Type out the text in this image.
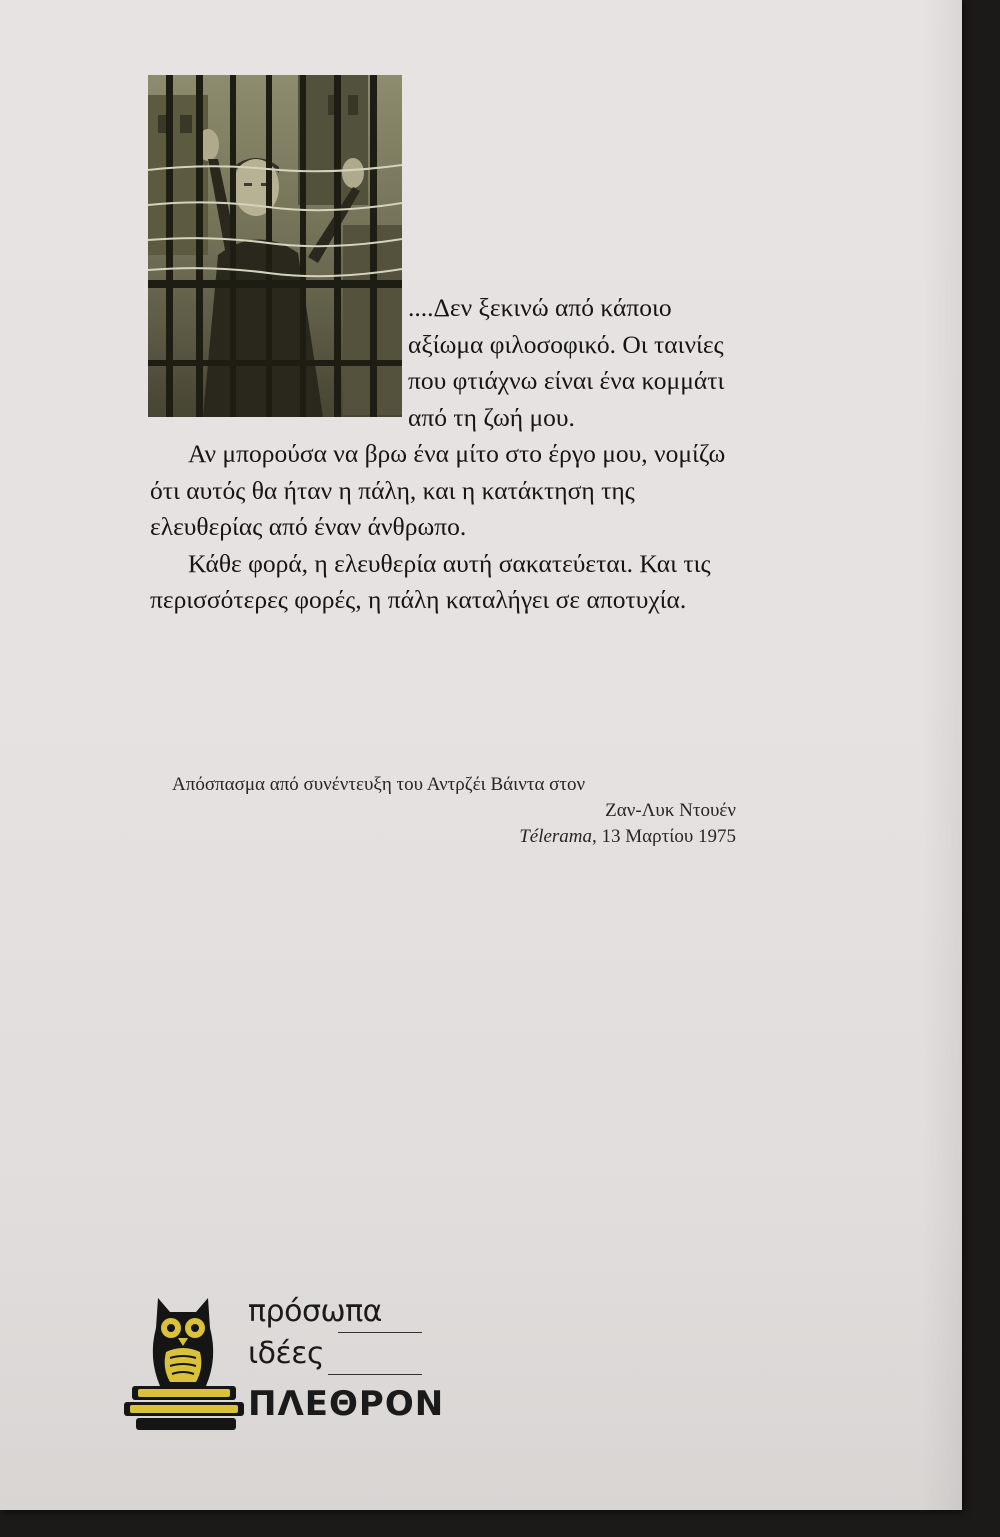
....Δεν ξεκινώ από κάποιο αξίωμα φιλοσοφικό. Οι ταινίες που φτιάχνω είναι ένα κομμάτι από τη ζωή μου.

Αν μπορούσα να βρω ένα μίτο στο έργο μου, νομίζω ότι αυτός θα ήταν η πάλη, και η κατάκτηση της ελευθερίας από έναν άνθρωπο.

Κάθε φορά, η ελευθερία αυτή σακατεύεται. Και τις περισσότερες φορές, η πάλη καταλήγει σε αποτυχία.

Απόσπασμα από συνέντευξη του Αντρζέι Βάιντα στον
Ζαν-Λυκ Ντουέν
Télerama, 13 Μαρτίου 1975
πρόσωπα
ιδέες
ΠΛΕΘΡΟΝ
